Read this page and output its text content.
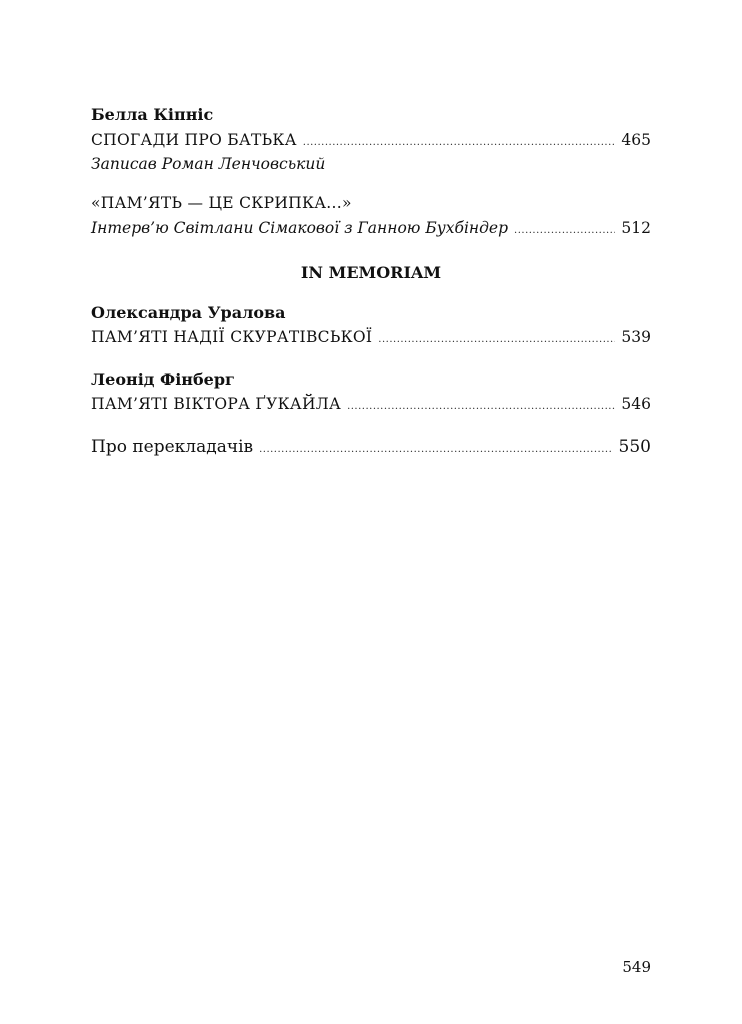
Белла Кіпніс
СПОГАДИ ПРО БАТЬКА .....	465
Записав Роман Ленчовський
«ПАМ’ЯТЬ — ЦЕ СКРИПКА...»
Інтерв’ю Світлани Сімакової з Ганною Бухбіндер .....	512
IN MEMORIAM
Олександра Уралова
ПАМ’ЯТІ НАДІЇ СКУРАТІВСЬКОЇ .....	539
Леонід Фінберг
ПАМ’ЯТІ ВІКТОРА ҐУКАЙЛА .....	546
Про перекладачів .....	550
549
